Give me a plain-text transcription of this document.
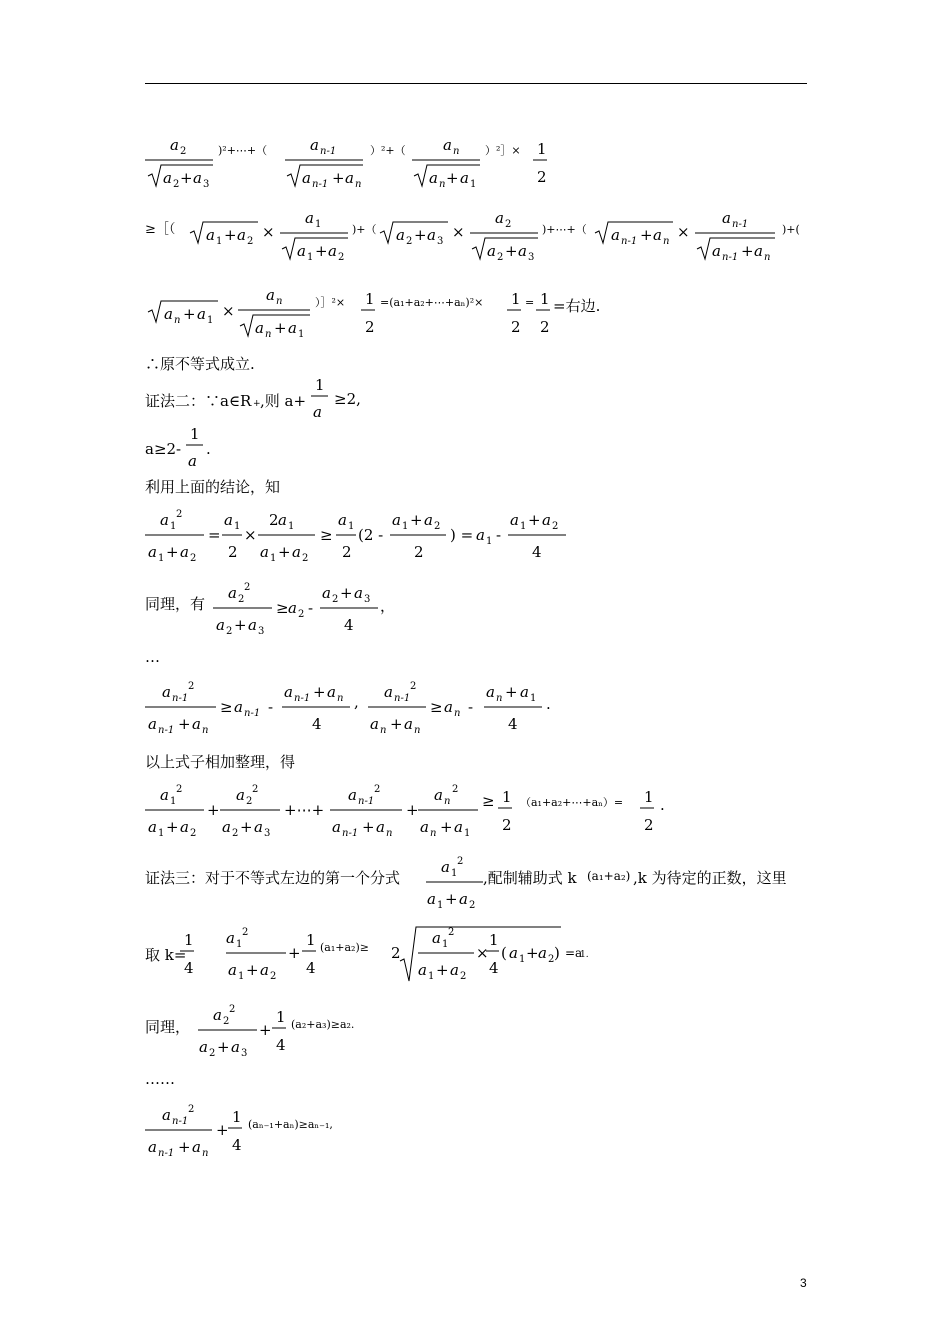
a 2
a 2 + a 3
)²+⋯+（	a n-1
a n-1 + a n
）²+（ a n
a n + a 1
）²］× 1
2
≥［（ a 1 + a 2
×
a 1
a 1 + a 2
)+（ a 2 + a 3
×
a 2
a 2 + a 3
)+⋯+（ a n-1 + a n
×
a n-1
a n-1 + a n
)+(
a n + a 1
×
a n
a n + a 1
）］²× 1
2
=(a₁+a₂+⋯+aₙ)²× 1
2
= 1
2
=右边.
∴原不等式成立.
证法二：∵a∈R + ,则 a+
1
a
≥2,
a≥2-
1
a
.
利用上面的结论，知
a 1
2
a 1 + a 2
=
a 1
2
×
2 a 1
a 1 + a 2
≥
a 1
2
(2 -
a 1 + a 2
2
) = a 1 -
a 1 + a 2
4
同理，有
a 2
2
a 2 + a 3
≥ a 2 -
a 2 + a 3
4
，
…
a n-1
2
a n-1 + a n
≥ a n-1 -
a n-1 + a n
4
,
a n-1
2
a n + a n
≥ a n -
a n + a 1
4
.
以上式子相加整理，得
a 1
2
a 1 + a 2
+
a 2
2
a 2 + a 3
+⋯+
a n-1
2
a n-1 + a n
+
a n
2
a n + a 1
≥ 1
2
（a₁+a₂+⋯+aₙ）= 1
2
.
证法三：对于不等式左边的第一个分式
a 1
2
a 1 + a 2
,配制辅助式 k (a₁+a₂) ,k 为待定的正数，这里
取 k=
1
4
a 1
2
a 1 + a 2
+
1
4
(a₁+a₂)≥ 2
a 1
2
a 1 + a 2
×
1
4
( a 1 + a 2 ) =a
1.
同理，
a 2
2
a 2 + a 3
+
1
4
(a₂+a₃)≥a₂.
……
a n-1
2
a n-1 + a n
+
1
4
(aₙ₋₁+aₙ)≥aₙ₋₁,
3
